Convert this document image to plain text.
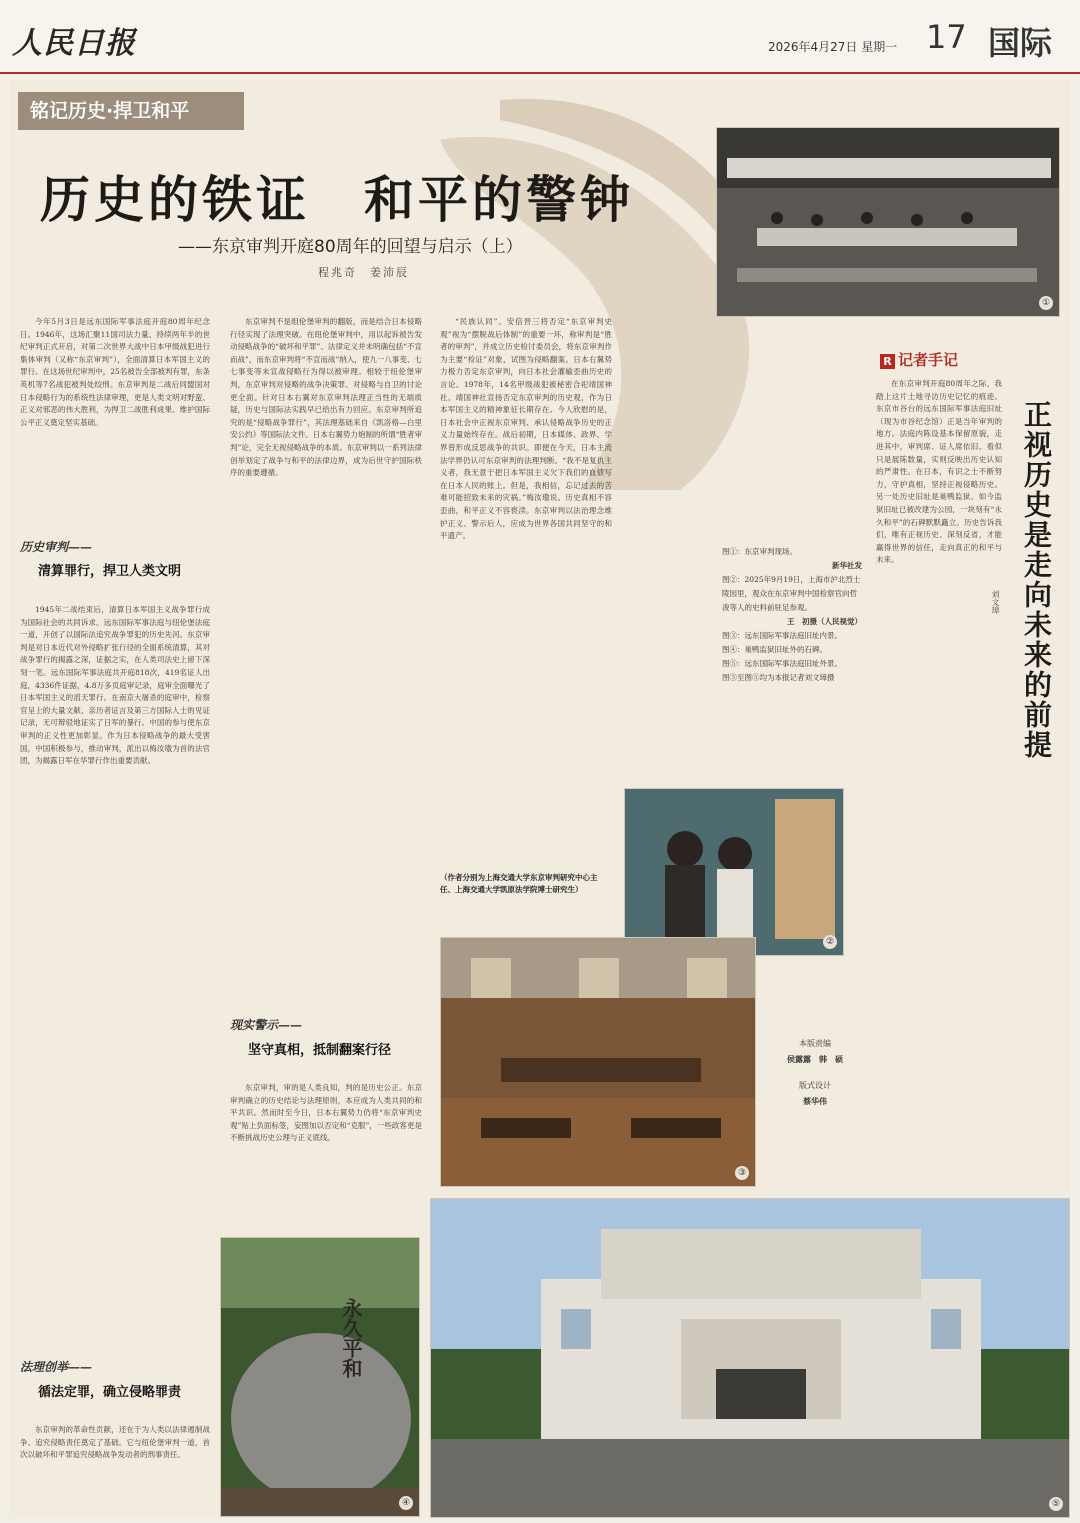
人民日报	2026年4月27日 星期一 17 国际
铭记历史·捍卫和平
历史的铁证　和平的警钟
——东京审判开庭80周年的回望与启示（上）
程兆奇　姜沛辰
①

今年5月3日是远东国际军事法庭开庭80周年纪念日。1946年，这场汇聚11国司法力量、持续两年半的世纪审判正式开启，对第二次世界大战中日本甲级战犯进行集体审判（又称“东京审判”），全面清算日本军国主义的罪行。在这场世纪审判中，25名被告全部被判有罪，东条英机等7名战犯被判处绞刑。东京审判是二战后同盟国对日本侵略行为的系统性法律审理，更是人类文明对野蛮、正义对邪恶的伟大胜利，为捍卫二战胜利成果、维护国际公平正义奠定坚实基础。

历史审判——
清算罪行，捍卫人类文明

1945年二战结束后，清算日本军国主义战争罪行成为国际社会的共同诉求。远东国际军事法庭与纽伦堡法庭一道，开创了以国际法追究战争罪犯的历史先河。东京审判是对日本近代对外侵略扩张行径的全面系统清算，其对战争罪行的揭露之深，证据之实，在人类司法史上留下深刻一笔。远东国际军事法庭共开庭818次，419名证人出庭，4336件证据，4.8万多页庭审记录，庭审全面曝光了日本军国主义的滔天罪行。在南京大屠杀的庭审中，检察官呈上的大量文献、亲历者证言及第三方国际人士的见证记录，无可辩驳地证实了日军的暴行。中国的参与使东京审判的正义性更加彰显。作为日本侵略战争的最大受害国，中国积极参与，推动审判，派出以梅汝璈为首的法官团，为揭露日军在华罪行作出重要贡献。

法理创举——
循法定罪，确立侵略罪责

东京审判的革命性贡献，还在于为人类以法律遏制战争、追究侵略责任奠定了基础。它与纽伦堡审判一道，首次以破坏和平罪追究侵略战争发动者的刑事责任。

东京审判不是组伦堡审判的翻版，而是结合日本侵略行径实现了法理突破。在纽伦堡审判中，用以起诉被告发动侵略战争的“破坏和平罪”、法律定义并未明确包括“不宣而战”，而东京审判将“不宣而战”纳入，使九一八事变、七七事变等未宣战侵略行为得以被审理。相较于纽伦堡审判，东京审判对侵略的战争决策罪、对侵略与自卫的讨论更全面。针对日本右翼对东京审判法理正当性的无端质疑，历史与国际法实践早已给出有力回应。东京审判所追究的是“侵略战争罪行”，其法理基础来自《凯洛格—白里安公约》等国际法文件。日本右翼势力炮制的所谓“胜者审判”论，完全无视侵略战争的本质。东京审判以一系列法律创举划定了战争与和平的法律边界，成为后世守护国际秩序的重要遵循。

现实警示——
坚守真相，抵制翻案行径

东京审判，审的是人类良知，判的是历史公正。东京审判确立的历史结论与法理原则，本应成为人类共同的和平共识。然而时至今日，日本右翼势力仍将“东京审判史观”贴上负面标签，妄图加以否定和“克服”，一些政客更是不断挑战历史公理与正义底线。

“民族认同”。安倍晋三将否定“东京审判史观”视为“摆脱战后体制”的重要一环，称审判是“胜者的审判”，并成立历史检讨委员会，将东京审判作为主要“检证”对象，试图为侵略翻案。日本右翼势力极力否定东京审判，向日本社会灌输歪曲历史的言论。1978年，14名甲级战犯被秘密合祀靖国神社。靖国神社宣扬否定东京审判的历史观，作为日本军国主义的精神象征长期存在。今人欣慰的是，日本社会中正视东京审判、承认侵略战争历史的正义力量始终存在。战后初期，日本媒体、政界、学界曾形成反思战争的共识。即便在今天，日本主流法学界仍认可东京审判的法理判断。“我不是复仇主义者，我无意于把日本军国主义欠下我们的血债写在日本人民的账上。但是，我相信，忘记过去的苦难可能招致未来的灾祸。”梅汝璈说。历史真相不容歪曲，和平正义不容亵渎。东京审判以法治理念维护正义、警示后人，应成为世界各国共同坚守的和平遗产。

（作者分别为上海交通大学东京审判研究中心主任、上海交通大学凯原法学院博士研究生）
图①：东京审判现场。
新华社发
图②：2025年9月19日，上海市沪北烈士陵园里，观众在东京审判中国检察官向哲浚等人的史料前驻足参观。
王　初摄（人民视觉）
图③：远东国际军事法庭旧址内景。
图④：巢鸭监狱旧址外的石碑。
图⑤：远东国际军事法庭旧址外景。
图③至图⑤均为本报记者刘文璋摄
②
③
本版责编
侯露露　韩　硕
版式设计
蔡华伟
R 记者手记

在东京审判开庭80周年之际，我踏上这片土地寻访历史记忆的痕迹。东京市谷台的远东国际军事法庭旧址（现为市谷纪念馆）正是当年审判的地方。法庭内陈设基本保留原貌，走进其中，审判席、证人席依旧。看似只是展陈数量，实则反映出历史认知的严肃性。在日本，有识之士不断努力，守护真相，坚持正视侵略历史。另一处历史旧址是巢鸭监狱。如今监狱旧址已被改建为公园，一块刻有“永久和平”的石碑默默矗立。历史告诉我们，唯有正视历史、深刻反省，才能赢得世界的信任，走向真正的和平与未来。	正视历史是走向未来的前提
刘文璋
永久平和
④	⑤
